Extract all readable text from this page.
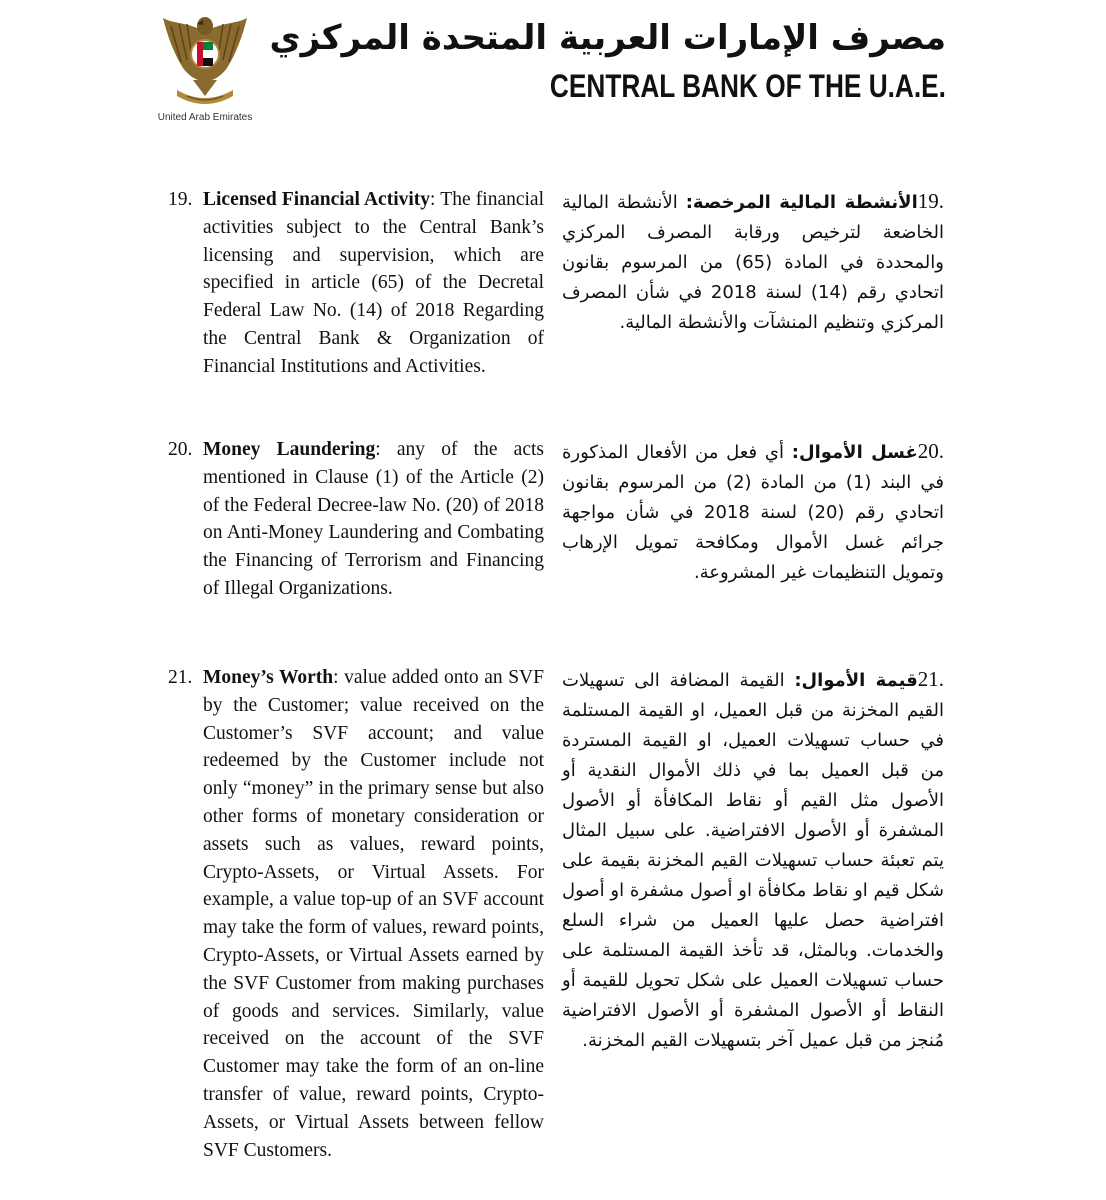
United Arab Emirates
مصرف الإمارات العربية المتحدة المركزي
CENTRAL BANK OF THE U.A.E.
19. Licensed Financial Activity: The financial activities subject to the Central Bank’s licensing and supervision, which are specified in article (65) of the Decretal Federal Law No. (14) of 2018 Regarding the Central Bank & Organization of Financial Institutions and Activities.
19.الأنشطة المالية المرخصة: الأنشطة المالية الخاضعة لترخيص ورقابة المصرف المركزي والمحددة في المادة (65) من المرسوم بقانون اتحادي رقم (14) لسنة 2018 في شأن المصرف المركزي وتنظيم المنشآت والأنشطة المالية.
20. Money Laundering: any of the acts mentioned in Clause (1) of the Article (2) of the Federal Decree-law No. (20) of 2018 on Anti-Money Laundering and Combating the Financing of Terrorism and Financing of Illegal Organizations.
20.غسل الأموال: أي فعل من الأفعال المذكورة في البند (1) من المادة (2) من المرسوم بقانون اتحادي رقم (20) لسنة 2018 في شأن مواجهة جرائم غسل الأموال ومكافحة تمويل الإرهاب وتمويل التنظيمات غير المشروعة.
21. Money’s Worth: value added onto an SVF by the Customer; value received on the Customer’s SVF account; and value redeemed by the Customer include not only “money” in the primary sense but also other forms of monetary consideration or assets such as values, reward points, Crypto-Assets, or Virtual Assets. For example, a value top-up of an SVF account may take the form of values, reward points, Crypto-Assets, or Virtual Assets earned by the SVF Customer from making purchases of goods and services. Similarly, value received on the account of the SVF Customer may take the form of an on-line transfer of value, reward points, Crypto-Assets, or Virtual Assets between fellow SVF Customers.
21.قيمة الأموال: القيمة المضافة الى تسهيلات القيم المخزنة من قبل العميل، او القيمة المستلمة في حساب تسهيلات العميل، او القيمة المستردة من قبل العميل بما في ذلك الأموال النقدية أو الأصول مثل القيم أو نقاط المكافأة أو الأصول المشفرة أو الأصول الافتراضية. على سبيل المثال يتم تعبئة حساب تسهيلات القيم المخزنة بقيمة على شكل قيم او نقاط مكافأة او أصول مشفرة او أصول افتراضية حصل عليها العميل من شراء السلع والخدمات. وبالمثل، قد تأخذ القيمة المستلمة على حساب تسهيلات العميل على شكل تحويل للقيمة أو النقاط أو الأصول المشفرة أو الأصول الافتراضية مُنجز من قبل عميل آخر بتسهيلات القيم المخزنة.
